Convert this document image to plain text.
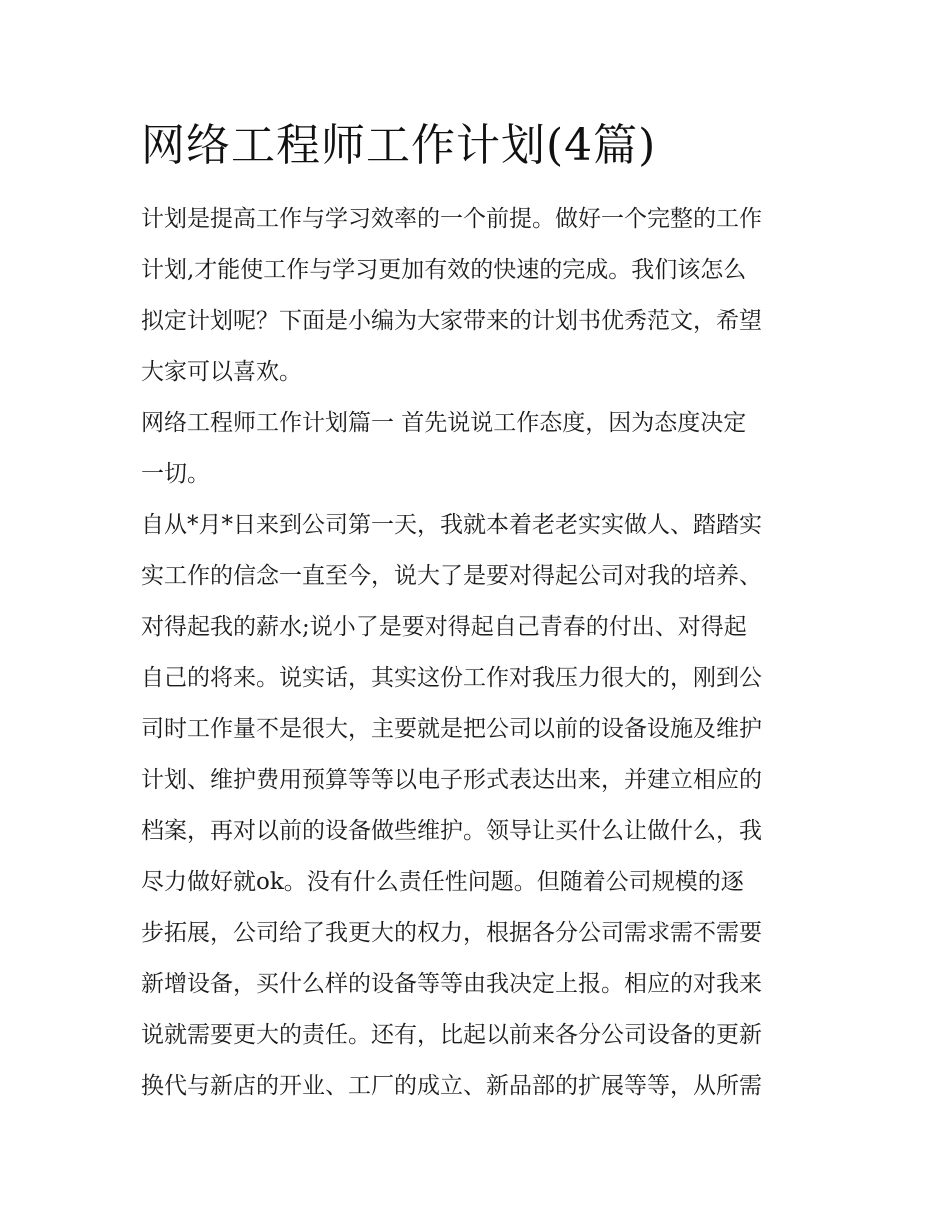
网络工程师工作计划(4篇)
计划是提高工作与学习效率的一个前提。做好一个完整的工作
计划,才能使工作与学习更加有效的快速的完成。我们该怎么
拟定计划呢？下面是小编为大家带来的计划书优秀范文，希望
大家可以喜欢。
网络工程师工作计划篇一 首先说说工作态度，因为态度决定
一切。
自从*月*日来到公司第一天，我就本着老老实实做人、踏踏实
实工作的信念一直至今，说大了是要对得起公司对我的培养、
对得起我的薪水;说小了是要对得起自己青春的付出、对得起
自己的将来。说实话，其实这份工作对我压力很大的，刚到公
司时工作量不是很大，主要就是把公司以前的设备设施及维护
计划、维护费用预算等等以电子形式表达出来，并建立相应的
档案，再对以前的设备做些维护。领导让买什么让做什么，我
尽力做好就ok。没有什么责任性问题。但随着公司规模的逐
步拓展，公司给了我更大的权力，根据各分公司需求需不需要
新增设备，买什么样的设备等等由我决定上报。相应的对我来
说就需要更大的责任。还有，比起以前来各分公司设备的更新
换代与新店的开业、工厂的成立、新品部的扩展等等，从所需
